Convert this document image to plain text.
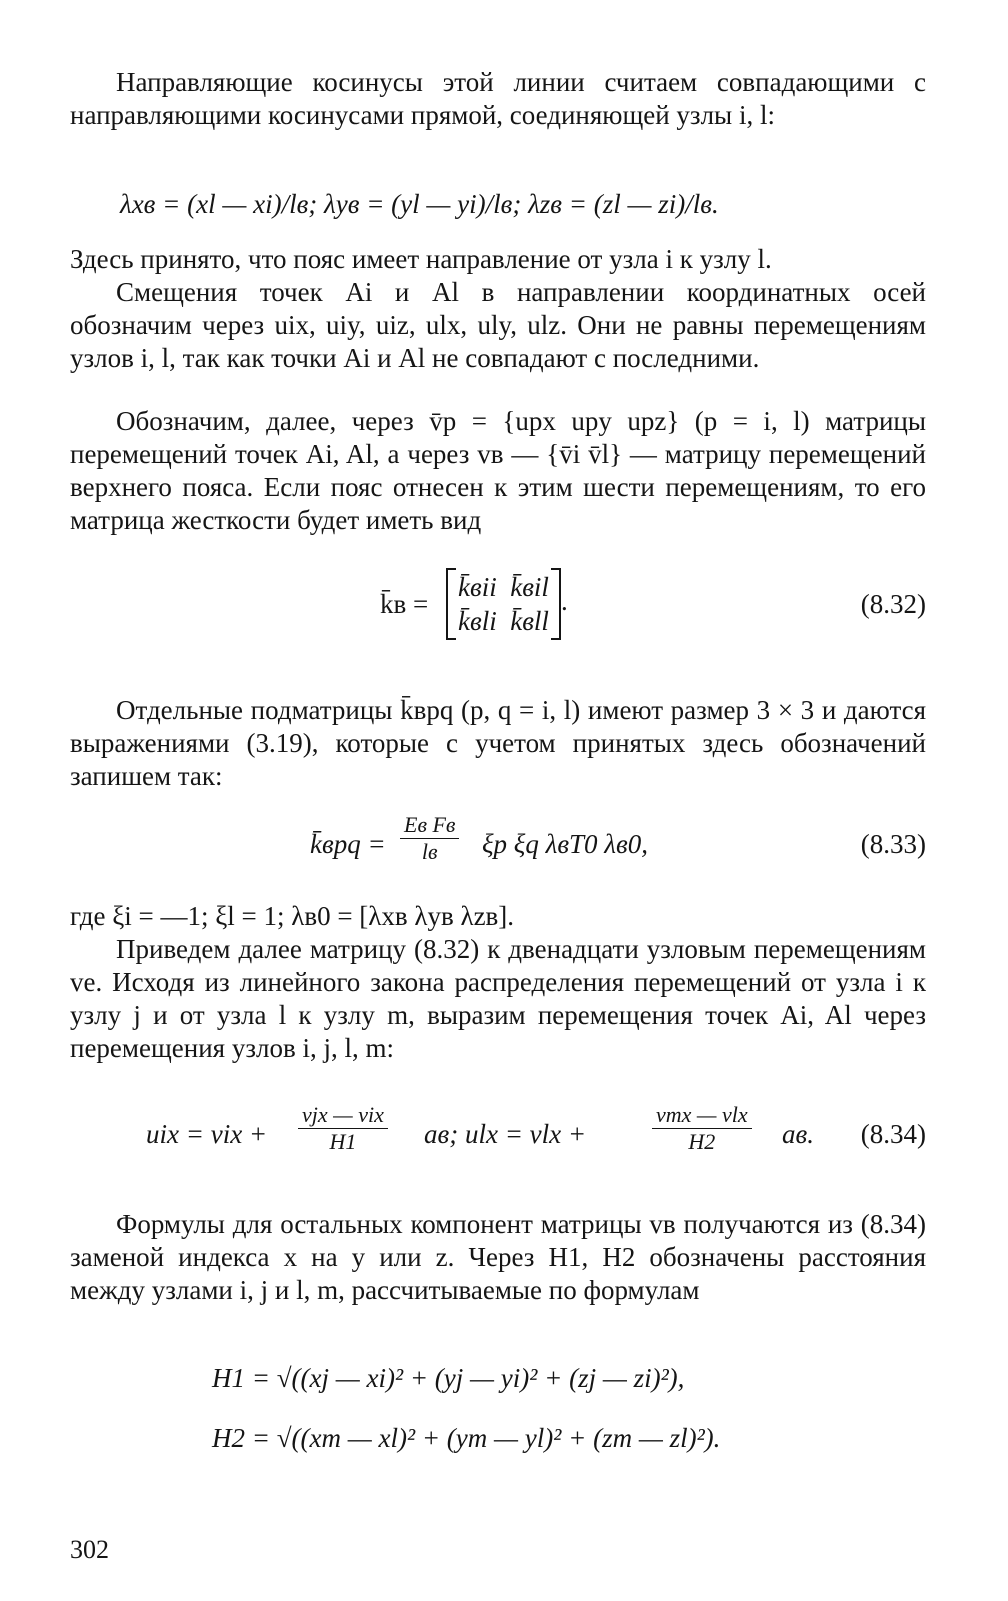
Направляющие косинусы этой линии считаем совпадающими с направляющими косинусами прямой, соединяющей узлы i, l:

λxв = (xl — xi)/lв; λyв = (yl — yi)/lв; λzв = (zl — zi)/lв.

Здесь принято, что пояс имеет направление от узла i к узлу l.

Смещения точек Ai и Al в направлении координатных осей обозначим через uix, uiy, uiz, ulx, uly, ulz. Они не равны перемещениям узлов i, l, так как точки Ai и Al не совпадают с последними.

Обозначим, далее, через v̄p = {upx upy upz} (p = i, l) матрицы перемещений точек Ai, Al, а через vв — {v̄i v̄l} — матрицу перемещений верхнего пояса. Если пояс отнесен к этим шести перемещениям, то его матрица жесткости будет иметь вид

k̄в =
k̄вii k̄вil
k̄вli k̄вll.	(8.32)

Отдельные подматрицы k̄вpq (p, q = i, l) имеют размер 3 × 3 и даются выражениями (3.19), которые с учетом принятых здесь обозначений запишем так:

k̄вpq = $\frac{\text{Eв Fв}}{lв}$ ξp ξq λвT0 λв0,	(8.33)

где ξi = —1; ξl = 1; λв0 = [λxв λyв λzв].

Приведем далее матрицу (8.32) к двенадцати узловым перемещениям ve. Исходя из линейного закона распределения перемещений от узла i к узлу j и от узла l к узлу m, выразим перемещения точек Ai, Al через перемещения узлов i, j, l, m:

uix = vix + $\frac{\text{vjx — vix}}{H1}$ aв; ulx = vlx +	$\frac{\text{vmx — vlx}}{H2}$ aв. (8.34)

Формулы для остальных компонент матрицы vв получаются из (8.34) заменой индекса x на y или z. Через H1, H2 обозначены расстояния между узлами i, j и l, m, рассчитываемые по формулам

H1 = √((xj — xi)² + (yj — yi)² + (zj — zi)²),
H2 = √((xm — xl)² + (ym — yl)² + (zm — zl)²).
302
